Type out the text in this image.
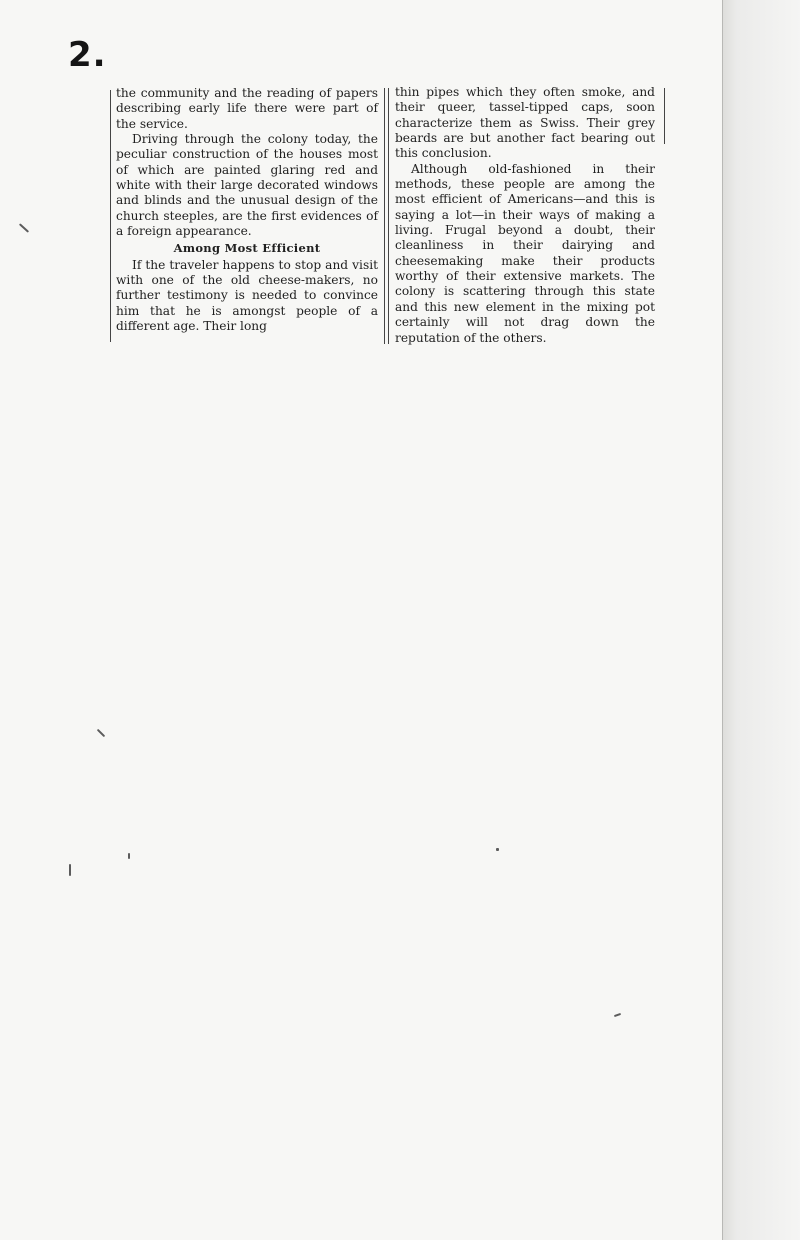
2.

the community and the reading of papers describing early life there were part of the service.

Driving through the colony today, the peculiar construction of the houses most of which are painted glaring red and white with their large decorated windows and blinds and the unusual design of the church steeples, are the first evidences of a foreign appearance.

Among Most Efficient

If the traveler happens to stop and visit with one of the old cheese-makers, no further testimony is needed to convince him that he is amongst people of a different age. Their long

thin pipes which they often smoke, and their queer, tassel-tipped caps, soon characterize them as Swiss. Their grey beards are but another fact bearing out this conclusion.

Although old-fashioned in their methods, these people are among the most efficient of Americans—and this is saying a lot—in their ways of making a living. Frugal beyond a doubt, their cleanliness in their dairying and cheesemaking make their products worthy of their extensive markets. The colony is scattering through this state and this new element in the mixing pot certainly will not drag down the reputation of the others.
